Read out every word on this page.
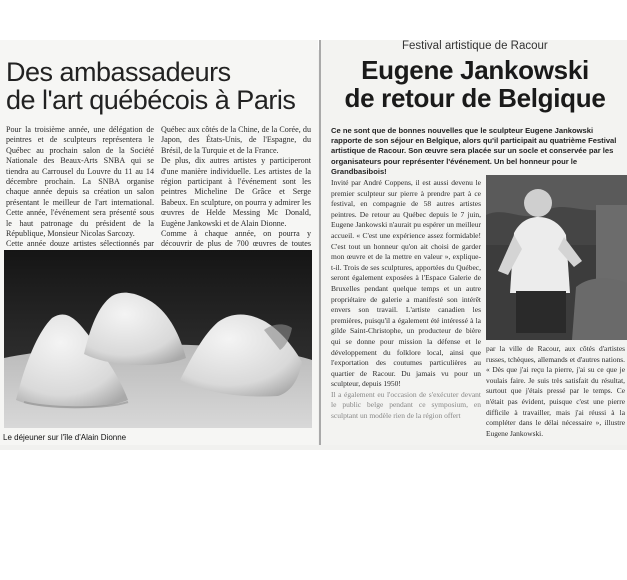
Des ambassadeurs
de l'art québécois à Paris

Pour la troisième année, une délégation de peintres et de sculpteurs représentera le Québec au prochain salon de la Société Nationale des Beaux-Arts SNBA qui se tiendra au Carrousel du Louvre du 11 au 14 décembre prochain. La SNBA organise chaque année depuis sa création un salon présentant le meilleur de l'art international. Cette année, l'événement sera présenté sous le haut patronage du président de la République, Monsieur Nicolas Sarcozy.

Cette année douze artistes sélectionnés par

Québec aux côtés de la Chine, de la Corée, du Japon, des États-Unis, de l'Espagne, du Brésil, de la Turquie et de la France.

De plus, dix autres artistes y participeront d'une manière individuelle. Les artistes de la région participant à l'événement sont les peintres Micheline De Grâce et Serge Babeux. En sculpture, on pourra y admirer les œuvres de Helde Messing Mc Donald, Eugène Jankowski et de Alain Dionne.

Comme à chaque année, on pourra y découvrir de plus de 700 œuvres de toutes

Le déjeuner sur l'île d'Alain Dionne

Festival artistique de Racour

Eugene Jankowski
de retour de Belgique

Ce ne sont que de bonnes nouvelles que le sculpteur Eugene Jankowski rapporte de son séjour en Belgique, alors qu'il participait au quatrième Festival artistique de Racour. Son œuvre sera placée sur un socle et conservée par les organisateurs pour représenter l'événement. Un bel honneur pour le Grandbasibois!

Invité par André Coppens, il est aussi devenu le premier sculpteur sur pierre à prendre part à ce festival, en compagnie de 58 autres artistes peintres. De retour au Québec depuis le 7 juin, Eugene Jankowski n'aurait pu espérer un meilleur accueil. « C'est une expérience assez formidable! C'est tout un honneur qu'on ait choisi de garder mon œuvre et de la mettre en valeur », explique-t-il. Trois de ses sculptures, apportées du Québec, seront également exposées à l'Espace Galerie de Bruxelles pendant quelque temps et un autre propriétaire de galerie a manifesté son intérêt envers son travail. L'artiste canadien les premières, puisqu'il a également été intéressé à la gilde Saint-Christophe, un producteur de bière qui se donne pour mission la défense et le développement du folklore local, ainsi que l'exportation des coutumes particulières au quartier de Racour. Du jamais vu pour un sculpteur, depuis 1950!

Il a également eu l'occasion de s'exécuter devant le public belge pendant ce symposium, en sculptant un modèle rien de la région offert

par la ville de Racour, aux côtés d'artistes russes, tchèques, allemands et d'autres nations. « Dès que j'ai reçu la pierre, j'ai su ce que je voulais faire. Je suis très satisfait du résultat, surtout que j'étais pressé par le temps. Ce n'était pas évident, puisque c'est une pierre difficile à travailler, mais j'ai réussi à la compléter dans le délai nécessaire », illustre Eugene Jankowski.
